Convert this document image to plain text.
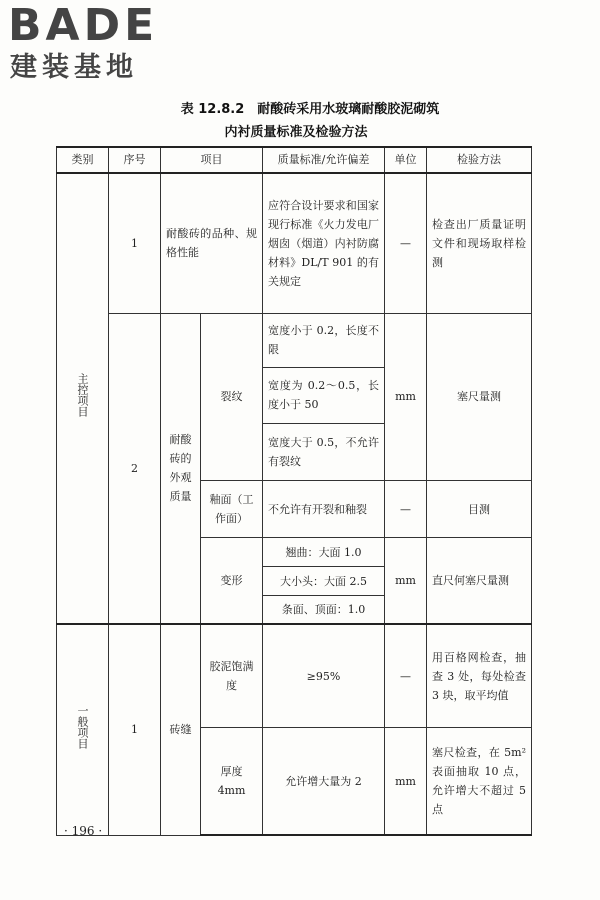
BADE
建装基地
表 12.8.2　耐酸砖采用水玻璃耐酸胶泥砌筑
内衬质量标准及检验方法
类别	序号	项目		质量标准/允许偏差	单位	检验方法
主控项目	1	耐酸砖的品种、规格性能		应符合设计要求和国家现行标准《火力发电厂烟囱（烟道）内衬防腐材料》DL/T 901 的有关规定	—	检查出厂质量证明文件和现场取样检测
	2	耐酸砖的外观质量	裂纹	宽度小于 0.2，长度不限	mm	塞尺量测
				宽度为 0.2～0.5，长度小于 50		
				宽度大于 0.5，不允许有裂纹		
			釉面（工作面）	不允许有开裂和釉裂	—	目测
			变形	翘曲：大面 1.0	mm	直尺何塞尺量测
				大小头：大面 2.5		
				条面、顶面：1.0		
一般项目	1	砖缝	胶泥饱满度	≥95%	—	用百格网检查，抽查 3 处，每处检查 3 块，取平均值
			厚度 4mm	允许增大量为 2	mm	塞尺检查，在 5m² 表面抽取 10 点，允许增大不超过 5 点
· 196 ·
